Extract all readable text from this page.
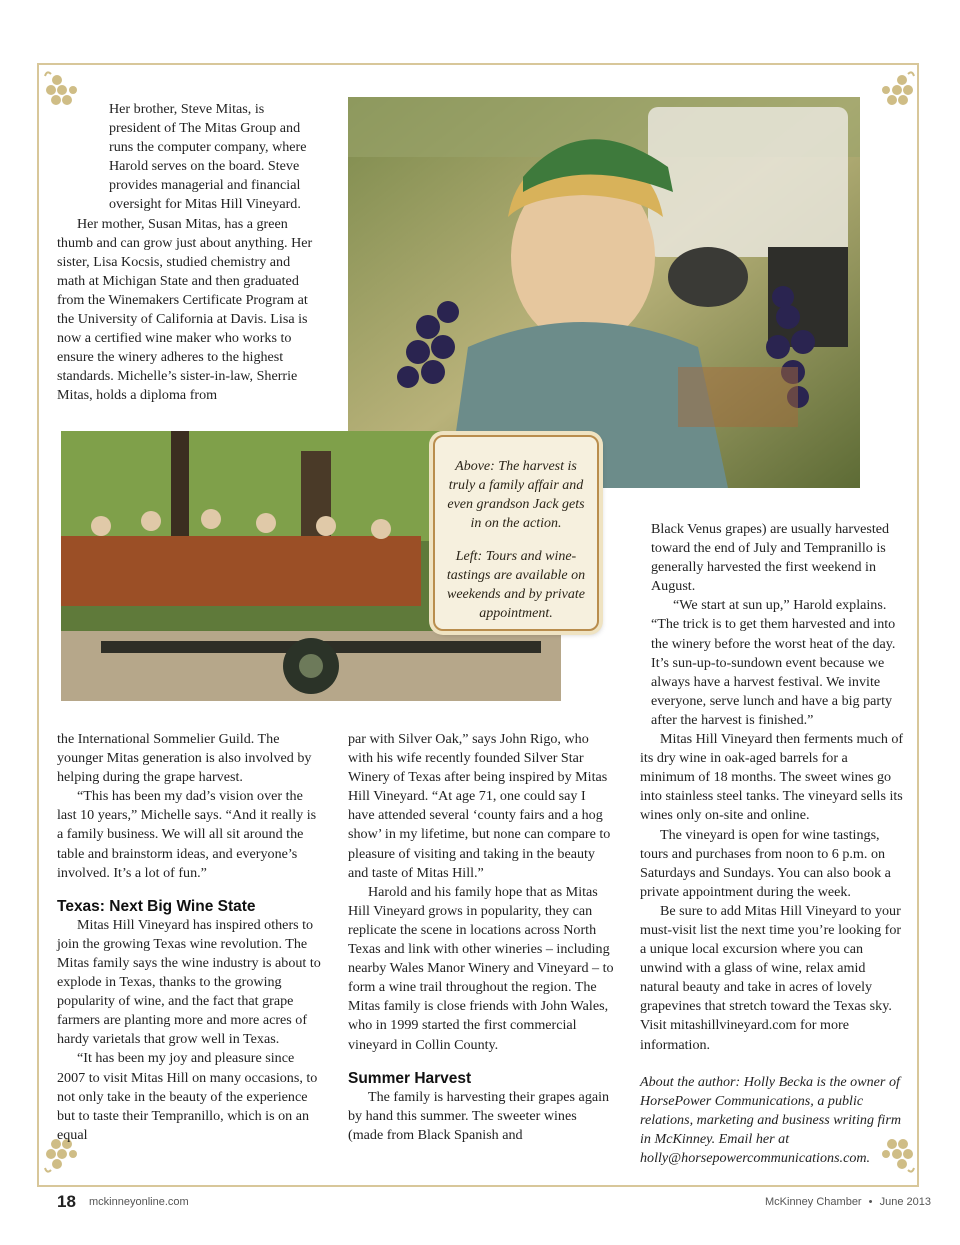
Her brother, Steve Mitas, is president of The Mitas Group and runs the computer company, where Harold serves on the board. Steve provides managerial and financial oversight for Mitas Hill Vineyard.

Her mother, Susan Mitas, has a green thumb and can grow just about anything. Her sister, Lisa Kocsis, studied chemistry and math at Michigan State and then graduated from the Winemakers Certificate Program at the University of California at Davis. Lisa is now a certified wine maker who works to ensure the winery adheres to the highest standards. Michelle’s sister-in-law, Sherrie Mitas, holds a diploma from

Above: The harvest is truly a family affair and even grandson Jack gets in on the action.

Left: Tours and wine-tastings are available on weekends and by private appointment.

the International Sommelier Guild. The younger Mitas generation is also involved by helping during the grape harvest.

“This has been my dad’s vision over the last 10 years,” Michelle says. “And it really is a family business. We will all sit around the table and brainstorm ideas, and everyone’s involved. It’s a lot of fun.”

Texas: Next Big Wine State

Mitas Hill Vineyard has inspired others to join the growing Texas wine revolution. The Mitas family says the wine industry is about to explode in Texas, thanks to the growing popularity of wine, and the fact that grape farmers are planting more and more acres of hardy varietals that grow well in Texas.

“It has been my joy and pleasure since 2007 to visit Mitas Hill on many occasions, to not only take in the beauty of the experience but to taste their Tempranillo, which is on an equal

par with Silver Oak,” says John Rigo, who with his wife recently founded Silver Star Winery of Texas after being inspired by Mitas Hill Vineyard. “At age 71, one could say I have attended several ‘county fairs and a hog show’ in my lifetime, but none can compare to pleasure of visiting and taking in the beauty and taste of Mitas Hill.”

Harold and his family hope that as Mitas Hill Vineyard grows in popularity, they can replicate the scene in locations across North Texas and link with other wineries – including nearby Wales Manor Winery and Vineyard – to form a wine trail throughout the region. The Mitas family is close friends with John Wales, who in 1999 started the first commercial vineyard in Collin County.

Summer Harvest

The family is harvesting their grapes again by hand this summer. The sweeter wines (made from Black Spanish and

Black Venus grapes) are usually harvested toward the end of July and Tempranillo is generally harvested the first weekend in August.

“We start at sun up,” Harold explains. “The trick is to get them harvested and into the winery before the worst heat of the day. It’s sun-up-to-sundown event because we always have a harvest festival. We invite everyone, serve lunch and have a big party after the harvest is finished.”

Mitas Hill Vineyard then ferments much of its dry wine in oak-aged barrels for a minimum of 18 months. The sweet wines go into stainless steel tanks. The vineyard sells its wines only on-site and online.

The vineyard is open for wine tastings, tours and purchases from noon to 6 p.m. on Saturdays and Sundays. You can also book a private appointment during the week.

Be sure to add Mitas Hill Vineyard to your must-visit list the next time you’re looking for a unique local excursion where you can unwind with a glass of wine, relax amid natural beauty and take in acres of lovely grapevines that stretch toward the Texas sky. Visit mitashillvineyard.com for more information.

About the author: Holly Becka is the owner of HorsePower Communications, a public relations, marketing and business writing firm in McKinney. Email her at holly@horsepowercommunications.com.

18 mckinneyonline.com	McKinney Chamber • June 2013
